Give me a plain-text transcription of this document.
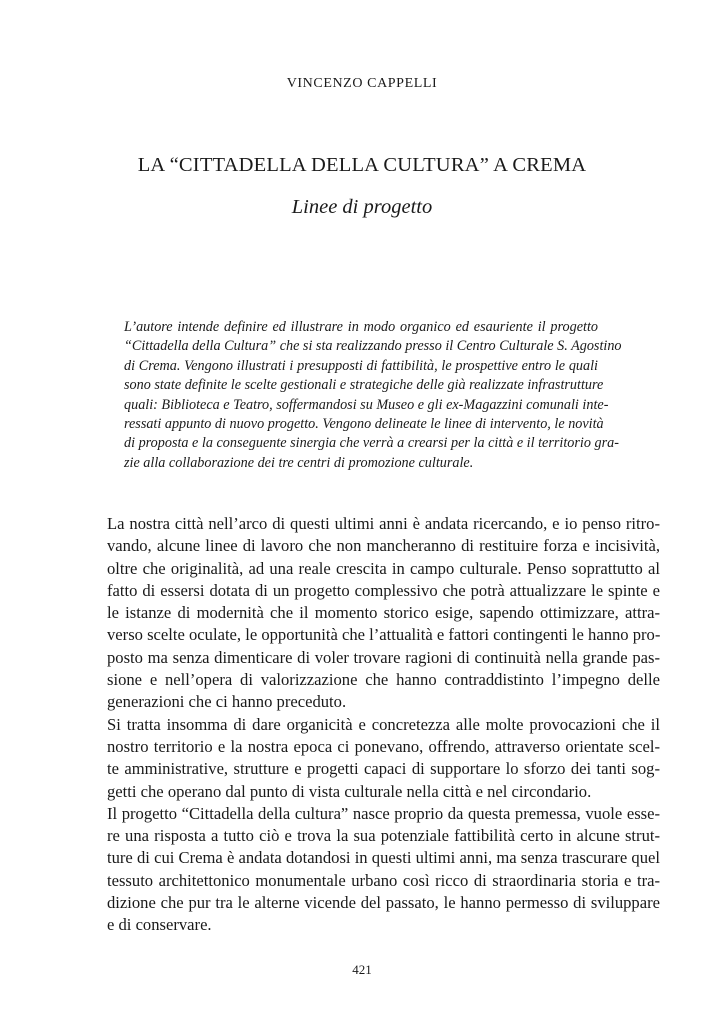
VINCENZO CAPPELLI
LA “CITTADELLA DELLA CULTURA” A CREMA
Linee di progetto
L’autore intende definire ed illustrare in modo organico ed esauriente il progetto
“Cittadella della Cultura” che si sta realizzando presso il Centro Culturale S. Agostino
di Crema. Vengono illustrati i presupposti di fattibilità, le prospettive entro le quali
sono state definite le scelte gestionali e strategiche delle già realizzate infrastrutture
quali: Biblioteca e Teatro, soffermandosi su Museo e gli ex-Magazzini comunali inte-
ressati appunto di nuovo progetto. Vengono delineate le linee di intervento, le novità
di proposta e la conseguente sinergia che verrà a crearsi per la città e il territorio gra-
zie alla collaborazione dei tre centri di promozione culturale.
La nostra città nell’arco di questi ultimi anni è andata ricercando, e io penso ritro-
vando, alcune linee di lavoro che non mancheranno di restituire forza e incisività,
oltre che originalità, ad una reale crescita in campo culturale. Penso soprattutto al
fatto di essersi dotata di un progetto complessivo che potrà attualizzare le spinte e
le istanze di modernità che il momento storico esige, sapendo ottimizzare, attra-
verso scelte oculate, le opportunità che l’attualità e fattori contingenti le hanno pro-
posto ma senza dimenticare di voler trovare ragioni di continuità nella grande pas-
sione e nell’opera di valorizzazione che hanno contraddistinto l’impegno delle
generazioni che ci hanno preceduto.
Si tratta insomma di dare organicità e concretezza alle molte provocazioni che il
nostro territorio e la nostra epoca ci ponevano, offrendo, attraverso orientate scel-
te amministrative, strutture e progetti capaci di supportare lo sforzo dei tanti sog-
getti che operano dal punto di vista culturale nella città e nel circondario.
Il progetto “Cittadella della cultura” nasce proprio da questa premessa, vuole esse-
re una risposta a tutto ciò e trova la sua potenziale fattibilità certo in alcune strut-
ture di cui Crema è andata dotandosi in questi ultimi anni, ma senza trascurare quel
tessuto architettonico monumentale urbano così ricco di straordinaria storia e tra-
dizione che pur tra le alterne vicende del passato, le hanno permesso di sviluppare
e di conservare.
421
